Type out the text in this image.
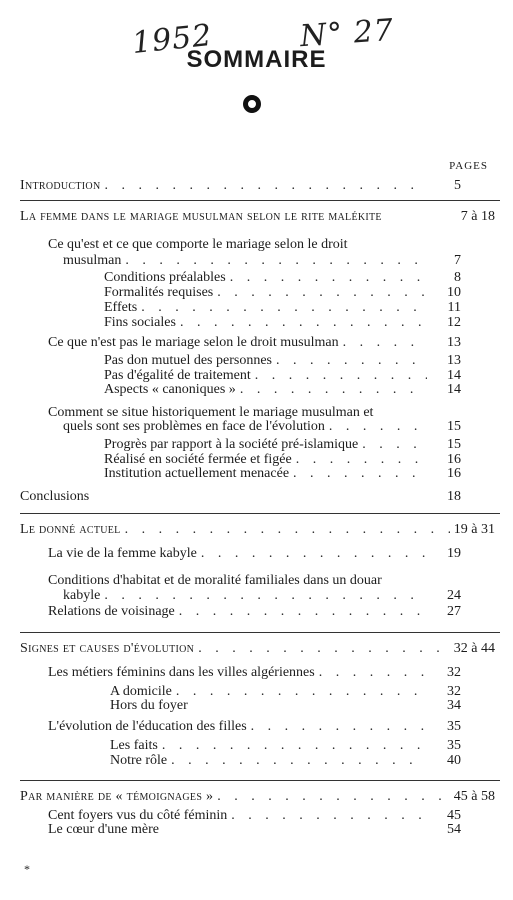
1952	N° 27
SOMMAIRE
PAGES
Introduction . . .	5
La femme dans le mariage musulman selon le rite malékite	7 à 18
Ce qu'est et ce que comporte le mariage selon le droit
musulman . . .	7
Conditions préalables . . .	8
Formalités requises . . .	10
Effets . . .	11
Fins sociales . . .	12
Ce que n'est pas le mariage selon le droit musulman . . .	13
Pas don mutuel des personnes . . .	13
Pas d'égalité de traitement . . .	14
Aspects « canoniques » . . .	14
Comment se situe historiquement le mariage musulman et
quels sont ses problèmes en face de l'évolution . . .	15
Progrès par rapport à la société pré-islamique . . .	15
Réalisé en société fermée et figée . . .	16
Institution actuellement menacée . . .	16
Conclusions	18
Le donné actuel . . .	19 à 31
La vie de la femme kabyle . . .	19
Conditions d'habitat et de moralité familiales dans un douar
kabyle . . .	24
Relations de voisinage . . .	27
Signes et causes d'évolution . . .	32 à 44
Les métiers féminins dans les villes algériennes . . .	32
A domicile . . .	32
Hors du foyer	34
L'évolution de l'éducation des filles . . .	35
Les faits . . .	35
Notre rôle . . .	40
Par manière de « témoignages » . . .	45 à 58
Cent foyers vus du côté féminin . . .	45
Le cœur d'une mère	54
*
